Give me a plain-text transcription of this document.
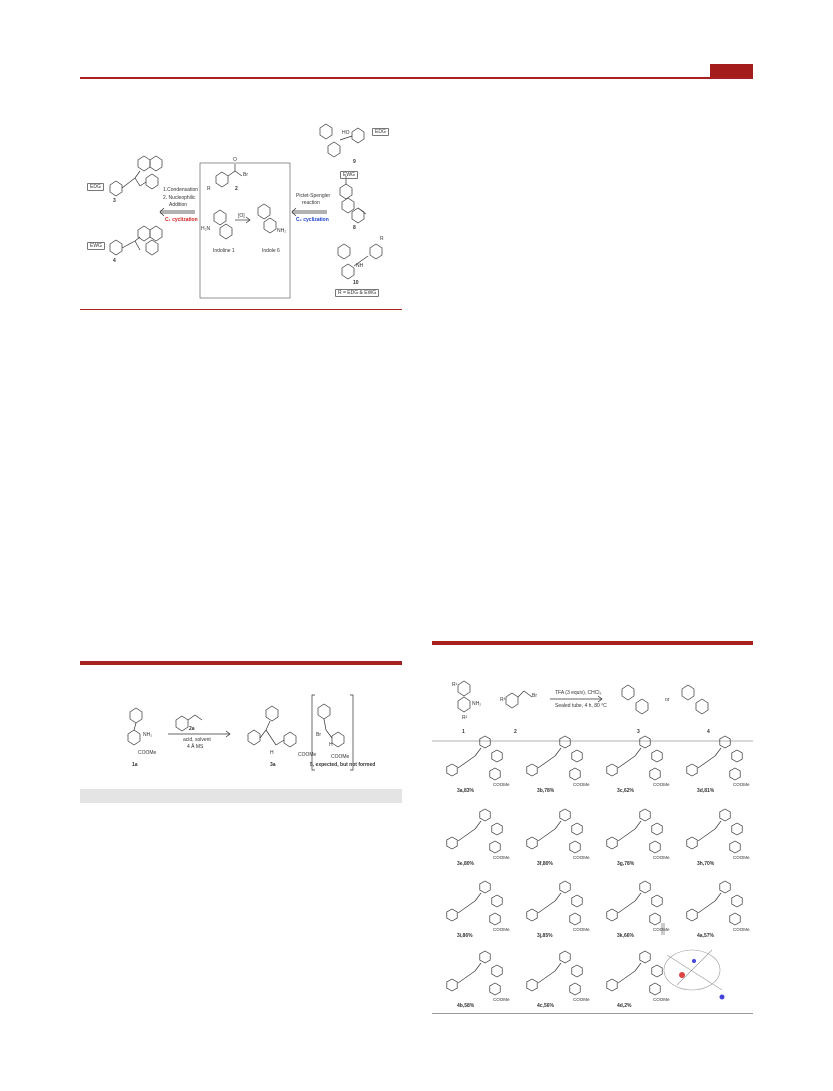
EDG
3
EWG
4
1.Condensation
2. Nucleophilic
Addition
C₁ cyclization
R
O
Br
2
H₂N
[O]
NH₂
Indoline 1	Indole 6
HO	EDG
9
Pictet-Spengler
reaction
C₂ cyclization
EWG
8
R
NH
10
R = EDG & EWG
NH₂
COOMe
1a
2a
acid, solvent
4 Å MS
H	COOMe
3a
Br
H
COOMe
5, expected, but not formed
R¹
NH₂
R²
1
R³
Br
2
TFA (3 equiv), CHCl₃
Sealed tube, 4 h, 80 °C
3
or
4
3a,83%
COOMe
3b,78%
COOMe
3c,62%
COOMe
3d,81%
COOMe
3e,80%
COOMe
3f,80%
COOMe
3g,78%
COOMe
3h,70%
COOMe
3i,86%
COOMe
3j,85%
COOMe
3k,66%
COOMe
4a,57%
COOMe
4b,58%
COOMe
4c,56%
COOMe
4d,2%
COOMe
